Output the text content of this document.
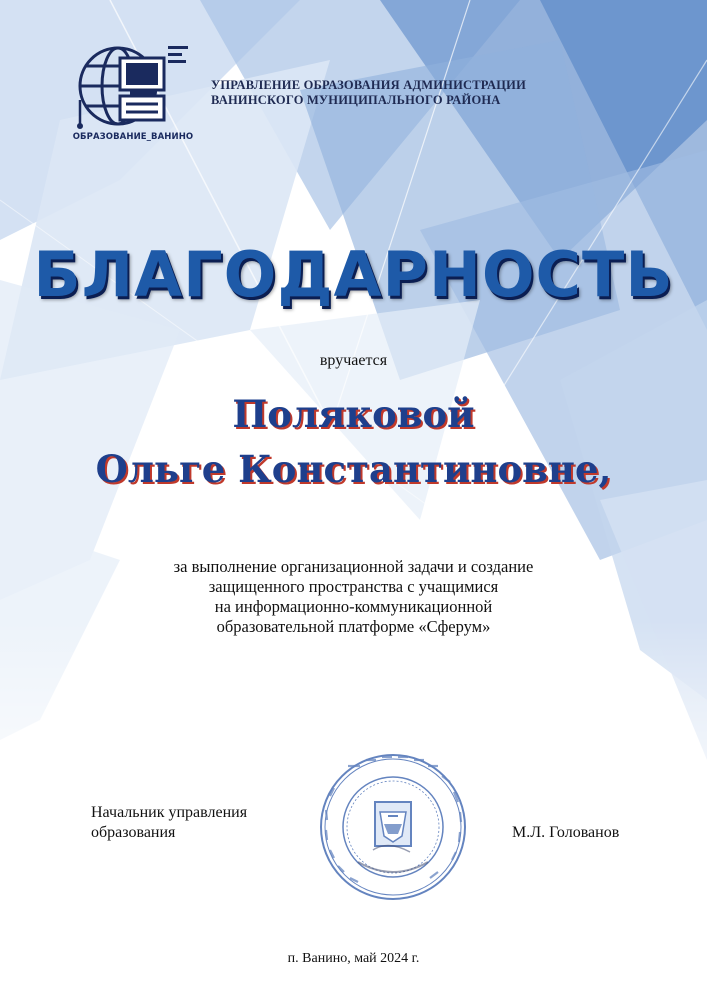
ОБРАЗОВАНИЕ_ВАНИНО
УПРАВЛЕНИЕ ОБРАЗОВАНИЯ АДМИНИСТРАЦИИ
ВАНИНСКОГО МУНИЦИПАЛЬНОГО РАЙОНА
БЛАГОДАРНОСТЬ
вручается
Поляковой
Ольге Константиновне,
за выполнение организационной задачи и создание
защищенного пространства с учащимися
на информационно-коммуникационной
образовательной платформе «Сферум»
Начальник управления
образования	М.Л. Голованов
п. Ванино, май 2024 г.
